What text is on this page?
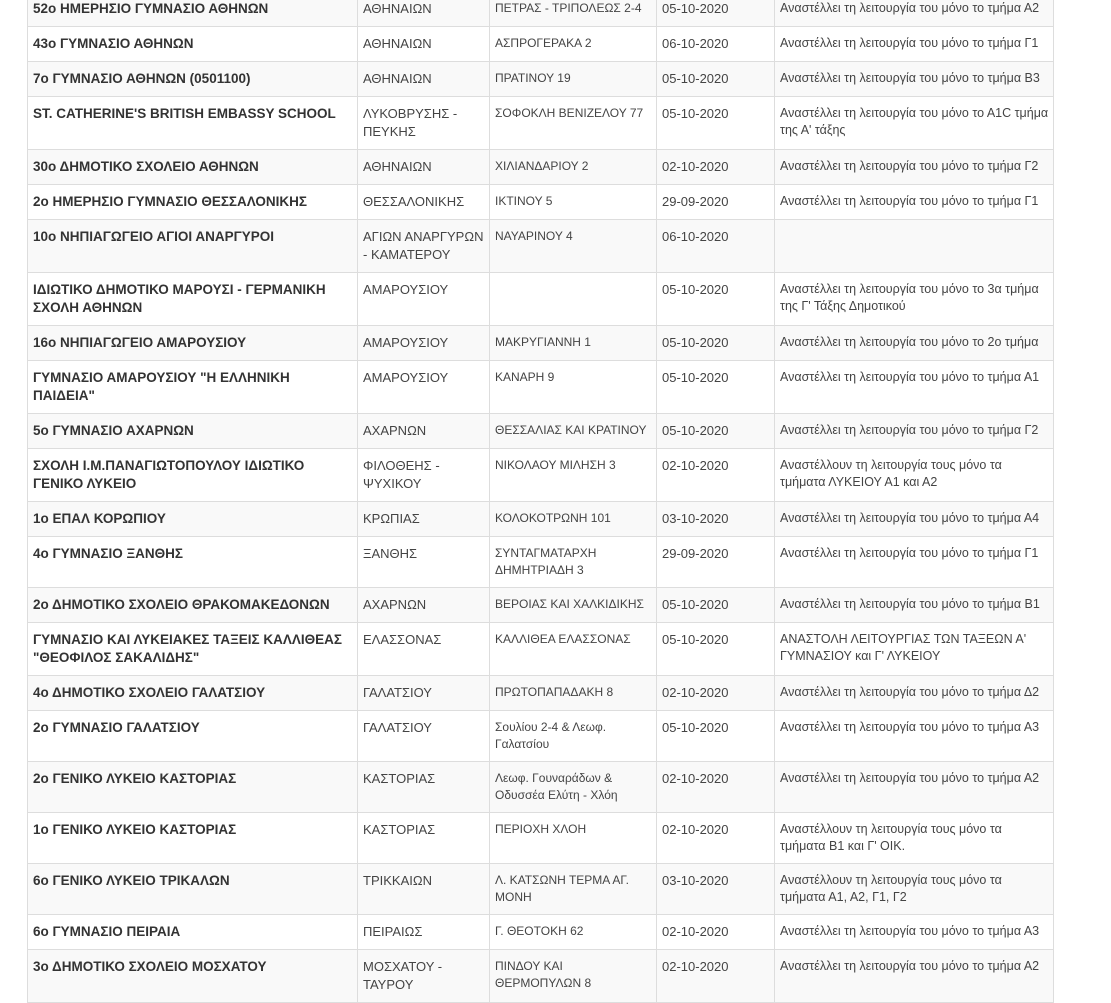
52ο ΗΜΕΡΗΣΙΟ ΓΥΜΝΑΣΙΟ ΑΘΗΝΩΝ	ΑΘΗΝΑΙΩΝ	ΠΕΤΡΑΣ - ΤΡΙΠΟΛΕΩΣ 2-4	05-10-2020	Αναστέλλει τη λειτουργία του μόνο το τμήμα Α2
43ο ΓΥΜΝΑΣΙΟ ΑΘΗΝΩΝ	ΑΘΗΝΑΙΩΝ	ΑΣΠΡΟΓΕΡΑΚΑ 2	06-10-2020	Αναστέλλει τη λειτουργία του μόνο το τμήμα Γ1
7ο ΓΥΜΝΑΣΙΟ ΑΘΗΝΩΝ (0501100)	ΑΘΗΝΑΙΩΝ	ΠΡΑΤΙΝΟΥ 19	05-10-2020	Αναστέλλει τη λειτουργία του μόνο το τμήμα Β3
ST. CATHERINE'S BRITISH EMBASSY SCHOOL	ΛΥΚΟΒΡΥΣΗΣ - ΠΕΥΚΗΣ	ΣΟΦΟΚΛΗ ΒΕΝΙΖΕΛΟΥ 77	05-10-2020	Αναστέλλει τη λειτουργία του μόνο το Α1C τμήμα της Α' τάξης
30ο ΔΗΜΟΤΙΚΟ ΣΧΟΛΕΙΟ ΑΘΗΝΩΝ	ΑΘΗΝΑΙΩΝ	ΧΙΛΙΑΝΔΑΡΙΟΥ 2	02-10-2020	Αναστέλλει τη λειτουργία του μόνο το τμήμα Γ2
2ο ΗΜΕΡΗΣΙΟ ΓΥΜΝΑΣΙΟ ΘΕΣΣΑΛΟΝΙΚΗΣ	ΘΕΣΣΑΛΟΝΙΚΗΣ	ΙΚΤΙΝΟΥ 5	29-09-2020	Αναστέλλει τη λειτουργία του μόνο το τμήμα Γ1
10ο ΝΗΠΙΑΓΩΓΕΙΟ ΑΓΙΟΙ ΑΝΑΡΓΥΡΟΙ	ΑΓΙΩΝ ΑΝΑΡΓΥΡΩΝ - ΚΑΜΑΤΕΡΟΥ	ΝΑΥΑΡΙΝΟΥ 4	06-10-2020	
ΙΔΙΩΤΙΚΟ ΔΗΜΟΤΙΚΟ ΜΑΡΟΥΣΙ - ΓΕΡΜΑΝΙΚΗ ΣΧΟΛΗ ΑΘΗΝΩΝ	ΑΜΑΡΟΥΣΙΟΥ		05-10-2020	Αναστέλλει τη λειτουργία του μόνο το 3α τμήμα της Γ' Τάξης Δημοτικού
16ο ΝΗΠΙΑΓΩΓΕΙΟ ΑΜΑΡΟΥΣΙΟΥ	ΑΜΑΡΟΥΣΙΟΥ	ΜΑΚΡΥΓΙΑΝΝΗ 1	05-10-2020	Αναστέλλει τη λειτουργία του μόνο το 2ο τμήμα
ΓΥΜΝΑΣΙΟ ΑΜΑΡΟΥΣΙΟΥ "Η ΕΛΛΗΝΙΚΗ ΠΑΙΔΕΙΑ"	ΑΜΑΡΟΥΣΙΟΥ	ΚΑΝΑΡΗ 9	05-10-2020	Αναστέλλει τη λειτουργία του μόνο το τμήμα Α1
5ο ΓΥΜΝΑΣΙΟ ΑΧΑΡΝΩΝ	ΑΧΑΡΝΩΝ	ΘΕΣΣΑΛΙΑΣ ΚΑΙ ΚΡΑΤΙΝΟΥ	05-10-2020	Αναστέλλει τη λειτουργία του μόνο το τμήμα Γ2
ΣΧΟΛΗ Ι.Μ.ΠΑΝΑΓΙΩΤΟΠΟΥΛΟΥ ΙΔΙΩΤΙΚΟ ΓΕΝΙΚΟ ΛΥΚΕΙΟ	ΦΙΛΟΘΕΗΣ - ΨΥΧΙΚΟΥ	ΝΙΚΟΛΑΟΥ ΜΙΛΗΣΗ 3	02-10-2020	Αναστέλλουν τη λειτουργία τους μόνο τα τμήματα ΛΥΚΕΙΟΥ Α1 και Α2
1ο ΕΠΑΛ ΚΟΡΩΠΙΟΥ	ΚΡΩΠΙΑΣ	ΚΟΛΟΚΟΤΡΩΝΗ 101	03-10-2020	Αναστέλλει τη λειτουργία του μόνο το τμήμα Α4
4ο ΓΥΜΝΑΣΙΟ ΞΑΝΘΗΣ	ΞΑΝΘΗΣ	ΣΥΝΤΑΓΜΑΤΑΡΧΗ ΔΗΜΗΤΡΙΑΔΗ 3	29-09-2020	Αναστέλλει τη λειτουργία του μόνο το τμήμα Γ1
2ο ΔΗΜΟΤΙΚΟ ΣΧΟΛΕΙΟ ΘΡΑΚΟΜΑΚΕΔΟΝΩΝ	ΑΧΑΡΝΩΝ	ΒΕΡΟΙΑΣ ΚΑΙ ΧΑΛΚΙΔΙΚΗΣ	05-10-2020	Αναστέλλει τη λειτουργία του μόνο το τμήμα Β1
ΓΥΜΝΑΣΙΟ ΚΑΙ ΛΥΚΕΙΑΚΕΣ ΤΑΞΕΙΣ ΚΑΛΛΙΘΕΑΣ "ΘΕΟΦΙΛΟΣ ΣΑΚΑΛΙΔΗΣ"	ΕΛΑΣΣΟΝΑΣ	ΚΑΛΛΙΘΕΑ ΕΛΑΣΣΟΝΑΣ	05-10-2020	ΑΝΑΣΤΟΛΗ ΛΕΙΤΟΥΡΓΙΑΣ ΤΩΝ ΤΑΞΕΩΝ Α' ΓΥΜΝΑΣΙΟΥ και Γ' ΛΥΚΕΙΟΥ
4ο ΔΗΜΟΤΙΚΟ ΣΧΟΛΕΙΟ ΓΑΛΑΤΣΙΟΥ	ΓΑΛΑΤΣΙΟΥ	ΠΡΩΤΟΠΑΠΑΔΑΚΗ 8	02-10-2020	Αναστέλλει τη λειτουργία του μόνο το τμήμα Δ2
2ο ΓΥΜΝΑΣΙΟ ΓΑΛΑΤΣΙΟΥ	ΓΑΛΑΤΣΙΟΥ	Σουλίου 2-4 & Λεωφ. Γαλατσίου	05-10-2020	Αναστέλλει τη λειτουργία του μόνο το τμήμα Α3
2ο ΓΕΝΙΚΟ ΛΥΚΕΙΟ ΚΑΣΤΟΡΙΑΣ	ΚΑΣΤΟΡΙΑΣ	Λεωφ. Γουναράδων & Οδυσσέα Ελύτη - Χλόη	02-10-2020	Αναστέλλει τη λειτουργία του μόνο το τμήμα Α2
1ο ΓΕΝΙΚΟ ΛΥΚΕΙΟ ΚΑΣΤΟΡΙΑΣ	ΚΑΣΤΟΡΙΑΣ	ΠΕΡΙΟΧΗ ΧΛΟΗ	02-10-2020	Αναστέλλουν τη λειτουργία τους μόνο τα τμήματα Β1 και Γ' ΟΙΚ.
6ο ΓΕΝΙΚΟ ΛΥΚΕΙΟ ΤΡΙΚΑΛΩΝ	ΤΡΙΚΚΑΙΩΝ	Λ. ΚΑΤΣΩΝΗ ΤΕΡΜΑ ΑΓ. ΜΟΝΗ	03-10-2020	Αναστέλλουν τη λειτουργία τους μόνο τα τμήματα Α1, Α2, Γ1, Γ2
6ο ΓΥΜΝΑΣΙΟ ΠΕΙΡΑΙΑ	ΠΕΙΡΑΙΩΣ	Γ. ΘΕΟΤΟΚΗ 62	02-10-2020	Αναστέλλει τη λειτουργία του μόνο το τμήμα Α3
3ο ΔΗΜΟΤΙΚΟ ΣΧΟΛΕΙΟ ΜΟΣΧΑΤΟΥ	ΜΟΣΧΑΤΟΥ - ΤΑΥΡΟΥ	ΠΙΝΔΟΥ ΚΑΙ ΘΕΡΜΟΠΥΛΩΝ 8	02-10-2020	Αναστέλλει τη λειτουργία του μόνο το τμήμα Α2
